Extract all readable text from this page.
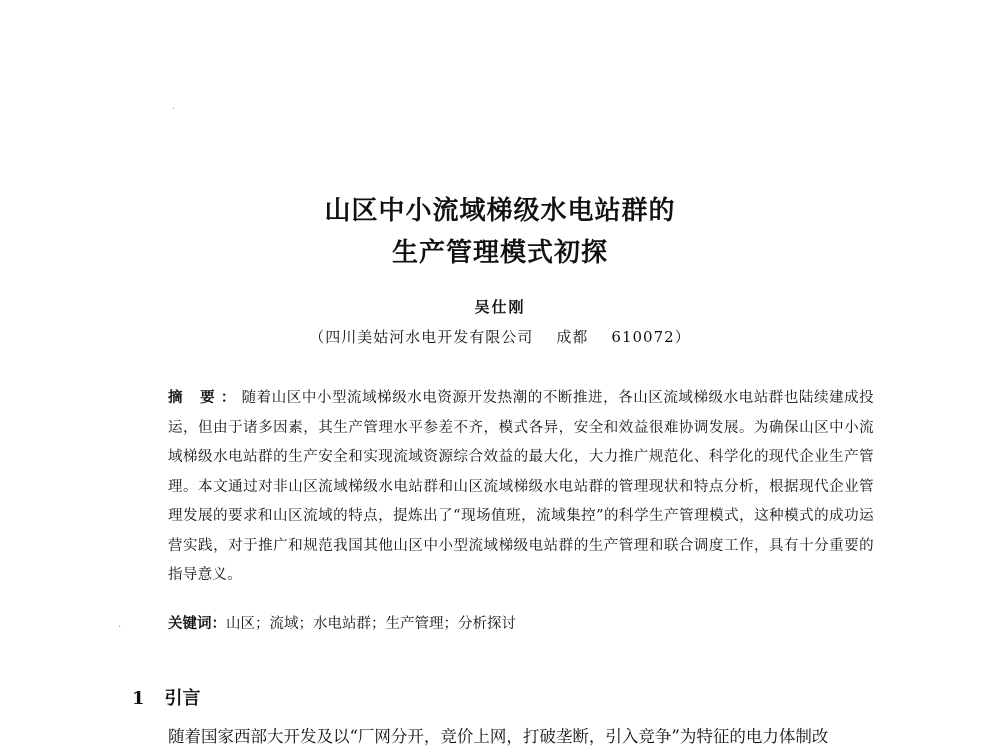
·
·
山区中小流域梯级水电站群的
生产管理模式初探
吴仕刚
（四川美姑河水电开发有限公司    成都    610072）
摘 要：随着山区中小型流域梯级水电资源开发热潮的不断推进，各山区流域梯级水电站群也陆续建成投运，但由于诸多因素，其生产管理水平参差不齐，模式各异，安全和效益很难协调发展。为确保山区中小流域梯级水电站群的生产安全和实现流域资源综合效益的最大化，大力推广规范化、科学化的现代企业生产管理。本文通过对非山区流域梯级水电站群和山区流域梯级水电站群的管理现状和特点分析，根据现代企业管理发展的要求和山区流域的特点，提炼出了“现场值班，流域集控”的科学生产管理模式，这种模式的成功运营实践，对于推广和规范我国其他山区中小型流域梯级电站群的生产管理和联合调度工作，具有十分重要的指导意义。
关键词：山区；流域；水电站群；生产管理；分析探讨
1 引言
随着国家西部大开发及以“厂网分开，竞价上网，打破垄断，引入竞争”为特征的电力体制改
